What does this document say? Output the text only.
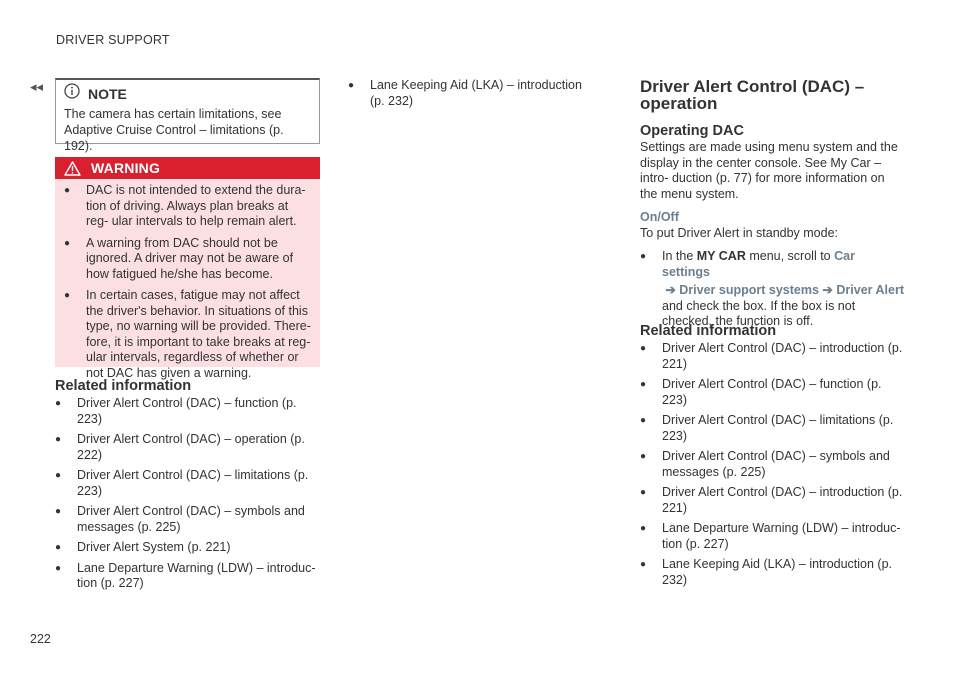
DRIVER SUPPORT
◂◂
222
NOTE
The camera has certain limitations, see Adaptive Cruise Control – limitations (p. 192).
WARNING
●	DAC is not intended to extend the dura- tion of driving. Always plan breaks at reg- ular intervals to help remain alert.
●	A warning from DAC should not be ignored. A driver may not be aware of how fatigued he/she has become.
●	In certain cases, fatigue may not affect the driver's behavior. In situations of this type, no warning will be provided. There- fore, it is important to take breaks at reg- ular intervals, regardless of whether or not DAC has given a warning.
Related information
●	Driver Alert Control (DAC) – function (p. 223)
●	Driver Alert Control (DAC) – operation (p. 222)
●	Driver Alert Control (DAC) – limitations (p. 223)
●	Driver Alert Control (DAC) – symbols and messages (p. 225)
●	Driver Alert System (p. 221)
●	Lane Departure Warning (LDW) – introduc- tion (p. 227)
●	Lane Keeping Aid (LKA) – introduction (p. 232)
Driver Alert Control (DAC) –
operation
Operating DAC
Settings are made using menu system and the display in the center console. See My Car – intro- duction (p. 77) for more information on the menu system.
On/Off
To put Driver Alert in standby mode:
●	In the MY CAR menu, scroll to Car settings
➔ Driver support systems ➔ Driver Alert
and check the box. If the box is not checked, the function is off.
Related information
●	Driver Alert Control (DAC) – introduction (p. 221)
●	Driver Alert Control (DAC) – function (p. 223)
●	Driver Alert Control (DAC) – limitations (p. 223)
●	Driver Alert Control (DAC) – symbols and messages (p. 225)
●	Driver Alert Control (DAC) – introduction (p. 221)
●	Lane Departure Warning (LDW) – introduc- tion (p. 227)
●	Lane Keeping Aid (LKA) – introduction (p. 232)
